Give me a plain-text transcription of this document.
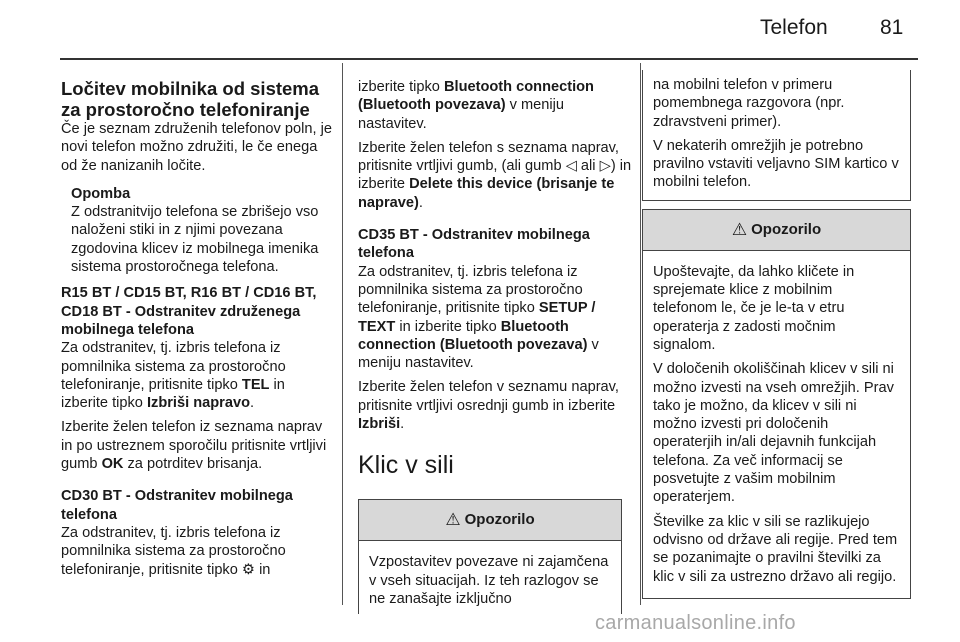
Telefon 81

Ločitev mobilnika od sistema za prostoročno telefoniranje

Če je seznam združenih telefonov poln, je novi telefon možno združiti, le če enega od že nanizanih ločite.

Opomba
Z odstranitvijo telefona se zbrišejo vso naloženi stiki in z njimi povezana zgodovina klicev iz mobilnega imenika sistema prostoročnega telefona.

R15 BT / CD15 BT, R16 BT / CD16 BT, CD18 BT - Odstranitev združenega mobilnega telefona

Za odstranitev, tj. izbris telefona iz pomnilnika sistema za prostoročno telefoniranje, pritisnite tipko TEL in izberite tipko Izbriši napravo.

Izberite želen telefon iz seznama naprav in po ustreznem sporočilu pritisnite vrtljivi gumb OK za potrditev brisanja.

CD30 BT - Odstranitev mobilnega telefona

Za odstranitev, tj. izbris telefona iz pomnilnika sistema za prostoročno telefoniranje, pritisnite tipko ⚙︎ in

izberite tipko Bluetooth connection (Bluetooth povezava) v meniju nastavitev.

Izberite želen telefon s seznama naprav, pritisnite vrtljivi gumb, (ali gumb ◁ ali ▷) in izberite Delete this device (brisanje te naprave).

CD35 BT - Odstranitev mobilnega telefona

Za odstranitev, tj. izbris telefona iz pomnilnika sistema za prostoročno telefoniranje, pritisnite tipko SETUP / TEXT in izberite tipko Bluetooth connection (Bluetooth povezava) v meniju nastavitev.

Izberite želen telefon v seznamu naprav, pritisnite vrtljivi osrednji gumb in izberite Izbriši.

Klic v sili

⚠︎ Opozorilo
Vzpostavitev povezave ni zajamčena v vseh situacijah. Iz teh razlogov se ne zanašajte izključno

na mobilni telefon v primeru pomembnega razgovora (npr. zdravstveni primer).

V nekaterih omrežjih je potrebno pravilno vstaviti veljavno SIM kartico v mobilni telefon.

⚠︎ Opozorilo

Upoštevajte, da lahko kličete in sprejemate klice z mobilnim telefonom le, če je le-ta v etru operaterja z zadosti močnim signalom.

V določenih okoliščinah klicev v sili ni možno izvesti na vseh omrežjih. Prav tako je možno, da klicev v sili ni možno izvesti pri določenih operaterjih in/ali dejavnih funkcijah telefona. Za več informacij se posvetujte z vašim mobilnim operaterjem.

Številke za klic v sili se razlikujejo odvisno od države ali regije. Pred tem se pozanimajte o pravilni številki za klic v sili za ustrezno državo ali regijo.

carmanualsonline.info
